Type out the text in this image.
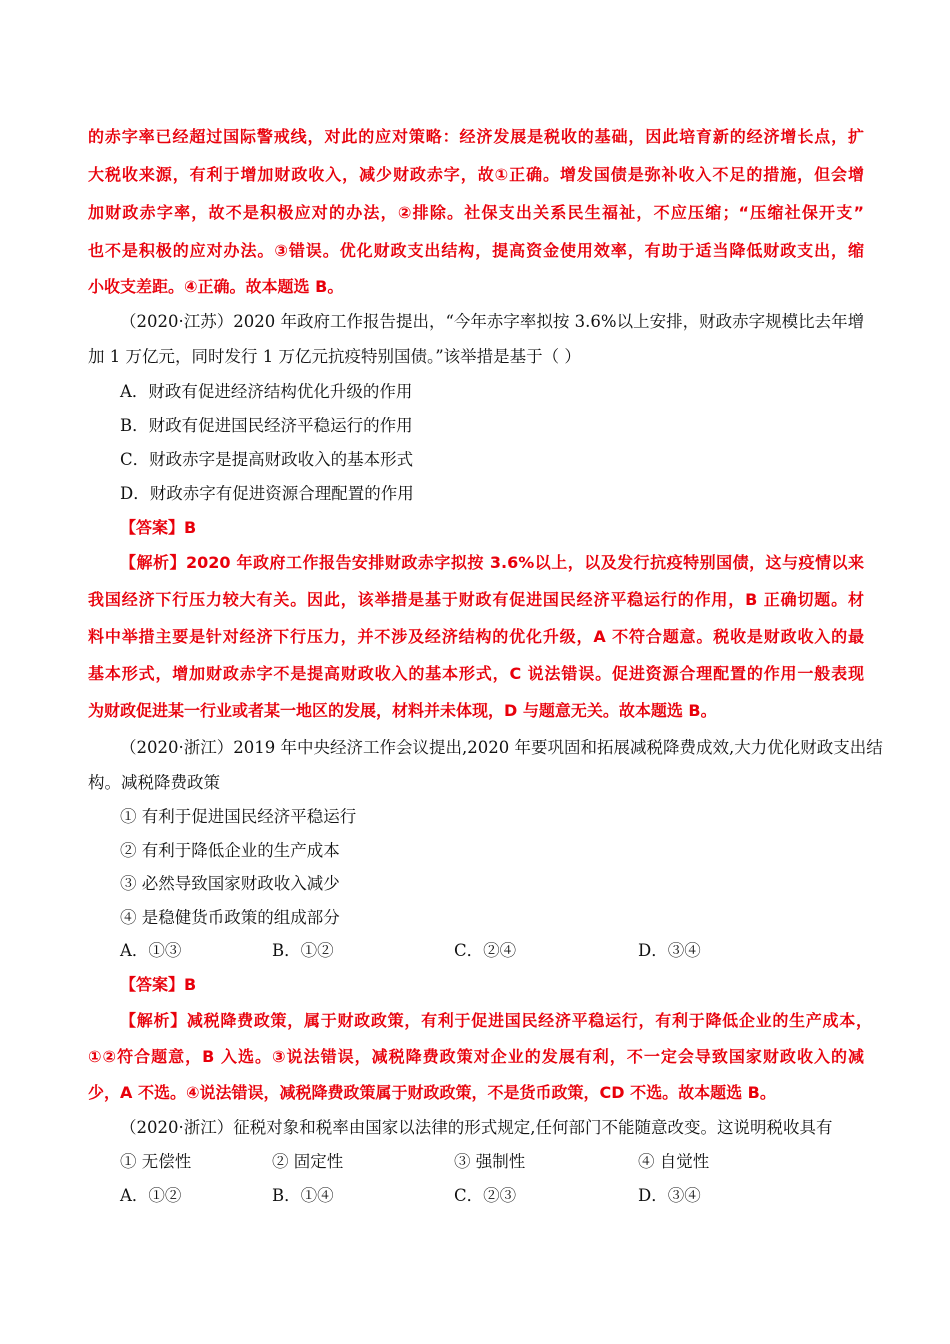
的赤字率已经超过国际警戒线，对此的应对策略：经济发展是税收的基础，因此培育新的经济增长点，扩
大税收来源，有利于增加财政收入，减少财政赤字，故①正确。增发国债是弥补收入不足的措施，但会增
加财政赤字率，故不是积极应对的办法，②排除。社保支出关系民生福祉，不应压缩；“压缩社保开支”
也不是积极的应对办法。③错误。优化财政支出结构，提高资金使用效率，有助于适当降低财政支出，缩
小收支差距。④正确。故本题选 B。
（2020·江苏）2020 年政府工作报告提出，“今年赤字率拟按 3.6%以上安排，财政赤字规模比去年增
加 1 万亿元，同时发行 1 万亿元抗疫特别国债。”该举措是基于（ ）
A．财政有促进经济结构优化升级的作用
B．财政有促进国民经济平稳运行的作用
C．财政赤字是提高财政收入的基本形式
D．财政赤字有促进资源合理配置的作用
【答案】B
【解析】2020 年政府工作报告安排财政赤字拟按 3.6%以上，以及发行抗疫特别国债，这与疫情以来
我国经济下行压力较大有关。因此，该举措是基于财政有促进国民经济平稳运行的作用，B 正确切题。材
料中举措主要是针对经济下行压力，并不涉及经济结构的优化升级，A 不符合题意。税收是财政收入的最
基本形式，增加财政赤字不是提高财政收入的基本形式，C 说法错误。促进资源合理配置的作用一般表现
为财政促进某一行业或者某一地区的发展，材料并未体现，D 与题意无关。故本题选 B。
（2020·浙江）2019 年中央经济工作会议提出,2020 年要巩固和拓展减税降费成效,大力优化财政支出结
构。减税降费政策
① 有利于促进国民经济平稳运行
② 有利于降低企业的生产成本
③ 必然导致国家财政收入减少
④ 是稳健货币政策的组成部分
A．①③	B．①②	C．②④	D．③④
【答案】B
【解析】减税降费政策，属于财政政策，有利于促进国民经济平稳运行，有利于降低企业的生产成本，
①②符合题意，B 入选。③说法错误，减税降费政策对企业的发展有利，不一定会导致国家财政收入的减
少，A 不选。④说法错误，减税降费政策属于财政政策，不是货币政策，CD 不选。故本题选 B。
（2020·浙江）征税对象和税率由国家以法律的形式规定,任何部门不能随意改变。这说明税收具有
① 无偿性	② 固定性	③ 强制性	④ 自觉性
A．①②	B．①④	C．②③	D．③④
